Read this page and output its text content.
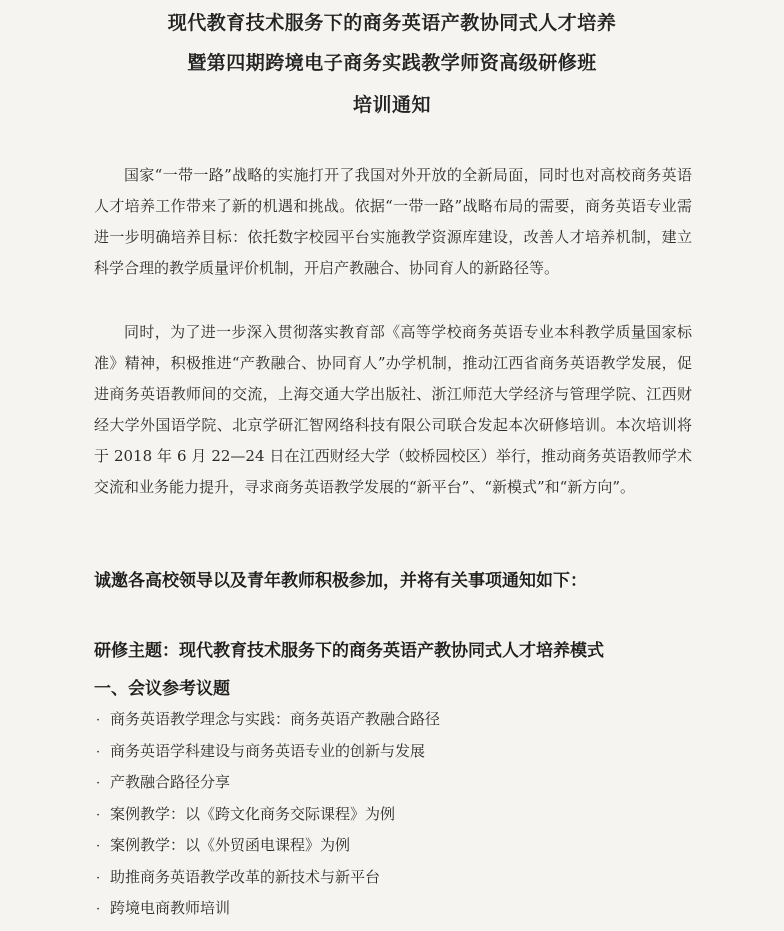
现代教育技术服务下的商务英语产教协同式人才培养
暨第四期跨境电子商务实践教学师资高级研修班
培训通知

国家“一带一路”战略的实施打开了我国对外开放的全新局面，同时也对高校商务英语人才培养工作带来了新的机遇和挑战。依据“一带一路”战略布局的需要，商务英语专业需进一步明确培养目标：依托数字校园平台实施教学资源库建设，改善人才培养机制，建立科学合理的教学质量评价机制，开启产教融合、协同育人的新路径等。

同时，为了进一步深入贯彻落实教育部《高等学校商务英语专业本科教学质量国家标准》精神，积极推进“产教融合、协同育人”办学机制，推动江西省商务英语教学发展，促进商务英语教师间的交流，上海交通大学出版社、浙江师范大学经济与管理学院、江西财经大学外国语学院、北京学研汇智网络科技有限公司联合发起本次研修培训。本次培训将于 2018 年 6 月 22—24 日在江西财经大学（蛟桥园校区）举行，推动商务英语教师学术交流和业务能力提升，寻求商务英语教学发展的“新平台”、“新模式”和“新方向”。

诚邀各高校领导以及青年教师积极参加，并将有关事项通知如下：
研修主题：现代教育技术服务下的商务英语产教协同式人才培养模式
一、会议参考议题
· 商务英语教学理念与实践：商务英语产教融合路径
· 商务英语学科建设与商务英语专业的创新与发展
· 产教融合路径分享
· 案例教学：以《跨文化商务交际课程》为例
· 案例教学：以《外贸函电课程》为例
· 助推商务英语教学改革的新技术与新平台
· 跨境电商教师培训
